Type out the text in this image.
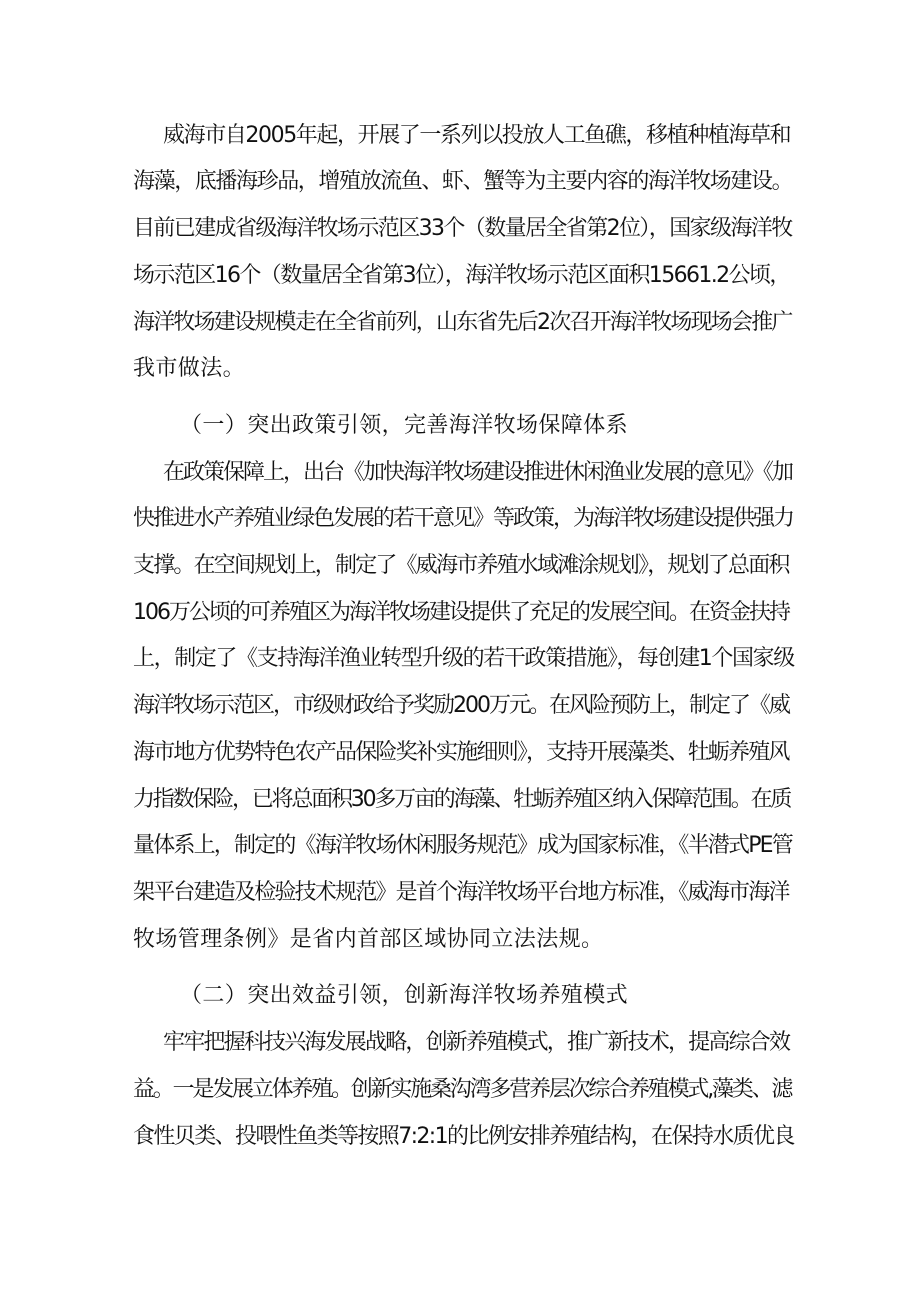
威海市自2005年起，开展了一系列以投放人工鱼礁，移植种植海草和
海藻，底播海珍品，增殖放流鱼、虾、蟹等为主要内容的海洋牧场建设。
目前已建成省级海洋牧场示范区33个（数量居全省第2位），国家级海洋牧
场示范区16个（数量居全省第3位），海洋牧场示范区面积15661.2公顷，
海洋牧场建设规模走在全省前列，山东省先后2次召开海洋牧场现场会推广
我市做法。
（一）突出政策引领，完善海洋牧场保障体系
在政策保障上，出台《加快海洋牧场建设推进休闲渔业发展的意见》《加
快推进水产养殖业绿色发展的若干意见》等政策，为海洋牧场建设提供强力
支撑。在空间规划上，制定了《威海市养殖水域滩涂规划》，规划了总面积
106万公顷的可养殖区为海洋牧场建设提供了充足的发展空间。在资金扶持
上，制定了《支持海洋渔业转型升级的若干政策措施》，每创建1个国家级
海洋牧场示范区，市级财政给予奖励200万元。在风险预防上，制定了《威
海市地方优势特色农产品保险奖补实施细则》，支持开展藻类、牡蛎养殖风
力指数保险，已将总面积30多万亩的海藻、牡蛎养殖区纳入保障范围。在质
量体系上，制定的《海洋牧场休闲服务规范》成为国家标准，《半潜式PE管
架平台建造及检验技术规范》是首个海洋牧场平台地方标准，《威海市海洋
牧场管理条例》是省内首部区域协同立法法规。
（二）突出效益引领，创新海洋牧场养殖模式
牢牢把握科技兴海发展战略，创新养殖模式，推广新技术，提高综合效
益。一是发展立体养殖。创新实施桑沟湾多营养层次综合养殖模式,藻类、滤
食性贝类、投喂性鱼类等按照7:2:1的比例安排养殖结构，在保持水质优良
